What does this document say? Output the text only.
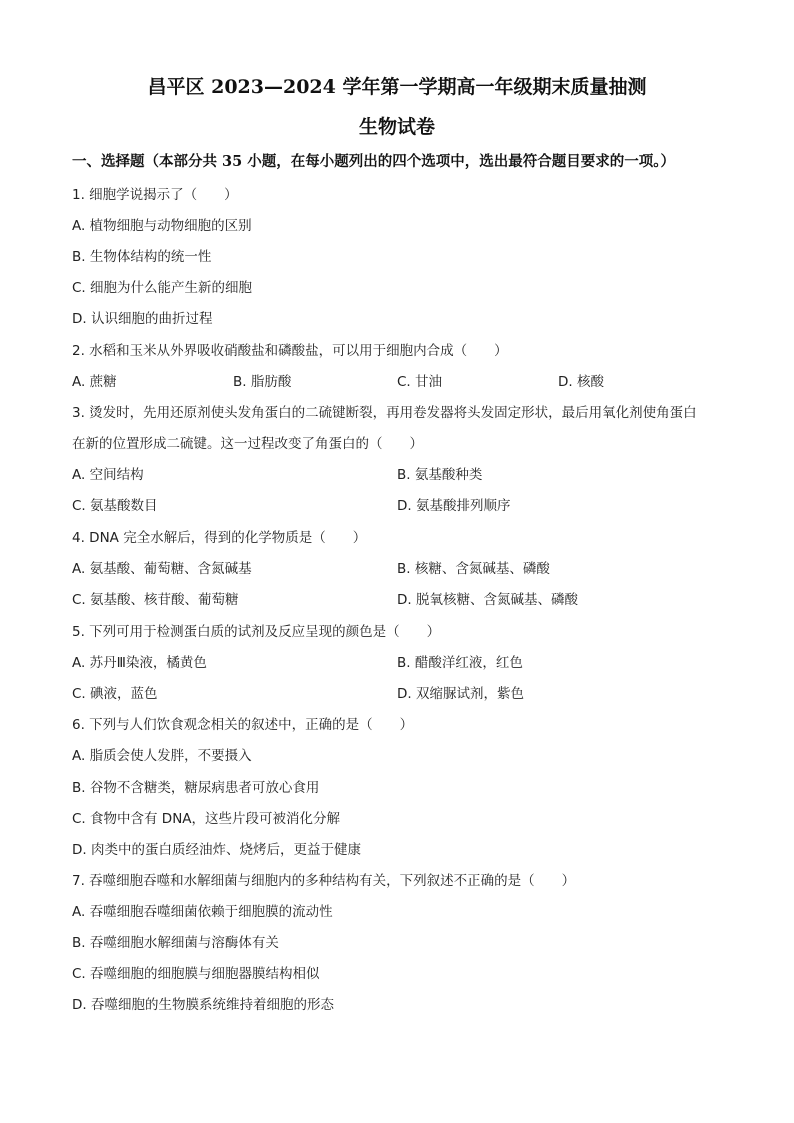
昌平区 2023—2024 学年第一学期高一年级期末质量抽测
生物试卷
一、选择题（本部分共 35 小题，在每小题列出的四个选项中，选出最符合题目要求的一项。）
1. 细胞学说揭示了（　　）
A. 植物细胞与动物细胞的区别
B. 生物体结构的统一性
C. 细胞为什么能产生新的细胞
D. 认识细胞的曲折过程
2. 水稻和玉米从外界吸收硝酸盐和磷酸盐，可以用于细胞内合成（　　）
A. 蔗糖	B. 脂肪酸	C. 甘油	D. 核酸
3. 烫发时，先用还原剂使头发角蛋白的二硫键断裂，再用卷发器将头发固定形状，最后用氧化剂使角蛋白
在新的位置形成二硫键。这一过程改变了角蛋白的（　　）
A. 空间结构	B. 氨基酸种类
C. 氨基酸数目	D. 氨基酸排列顺序
4. DNA 完全水解后，得到的化学物质是（　　）
A. 氨基酸、葡萄糖、含氮碱基	B. 核糖、含氮碱基、磷酸
C. 氨基酸、核苷酸、葡萄糖	D. 脱氧核糖、含氮碱基、磷酸
5. 下列可用于检测蛋白质的试剂及反应呈现的颜色是（　　）
A. 苏丹Ⅲ染液，橘黄色	B. 醋酸洋红液，红色
C. 碘液，蓝色	D. 双缩脲试剂，紫色
6. 下列与人们饮食观念相关的叙述中，正确的是（　　）
A. 脂质会使人发胖，不要摄入
B. 谷物不含糖类，糖尿病患者可放心食用
C. 食物中含有 DNA，这些片段可被消化分解
D. 肉类中的蛋白质经油炸、烧烤后，更益于健康
7. 吞噬细胞吞噬和水解细菌与细胞内的多种结构有关，下列叙述不正确的是（　　）
A. 吞噬细胞吞噬细菌依赖于细胞膜的流动性
B. 吞噬细胞水解细菌与溶酶体有关
C. 吞噬细胞的细胞膜与细胞器膜结构相似
D. 吞噬细胞的生物膜系统维持着细胞的形态
